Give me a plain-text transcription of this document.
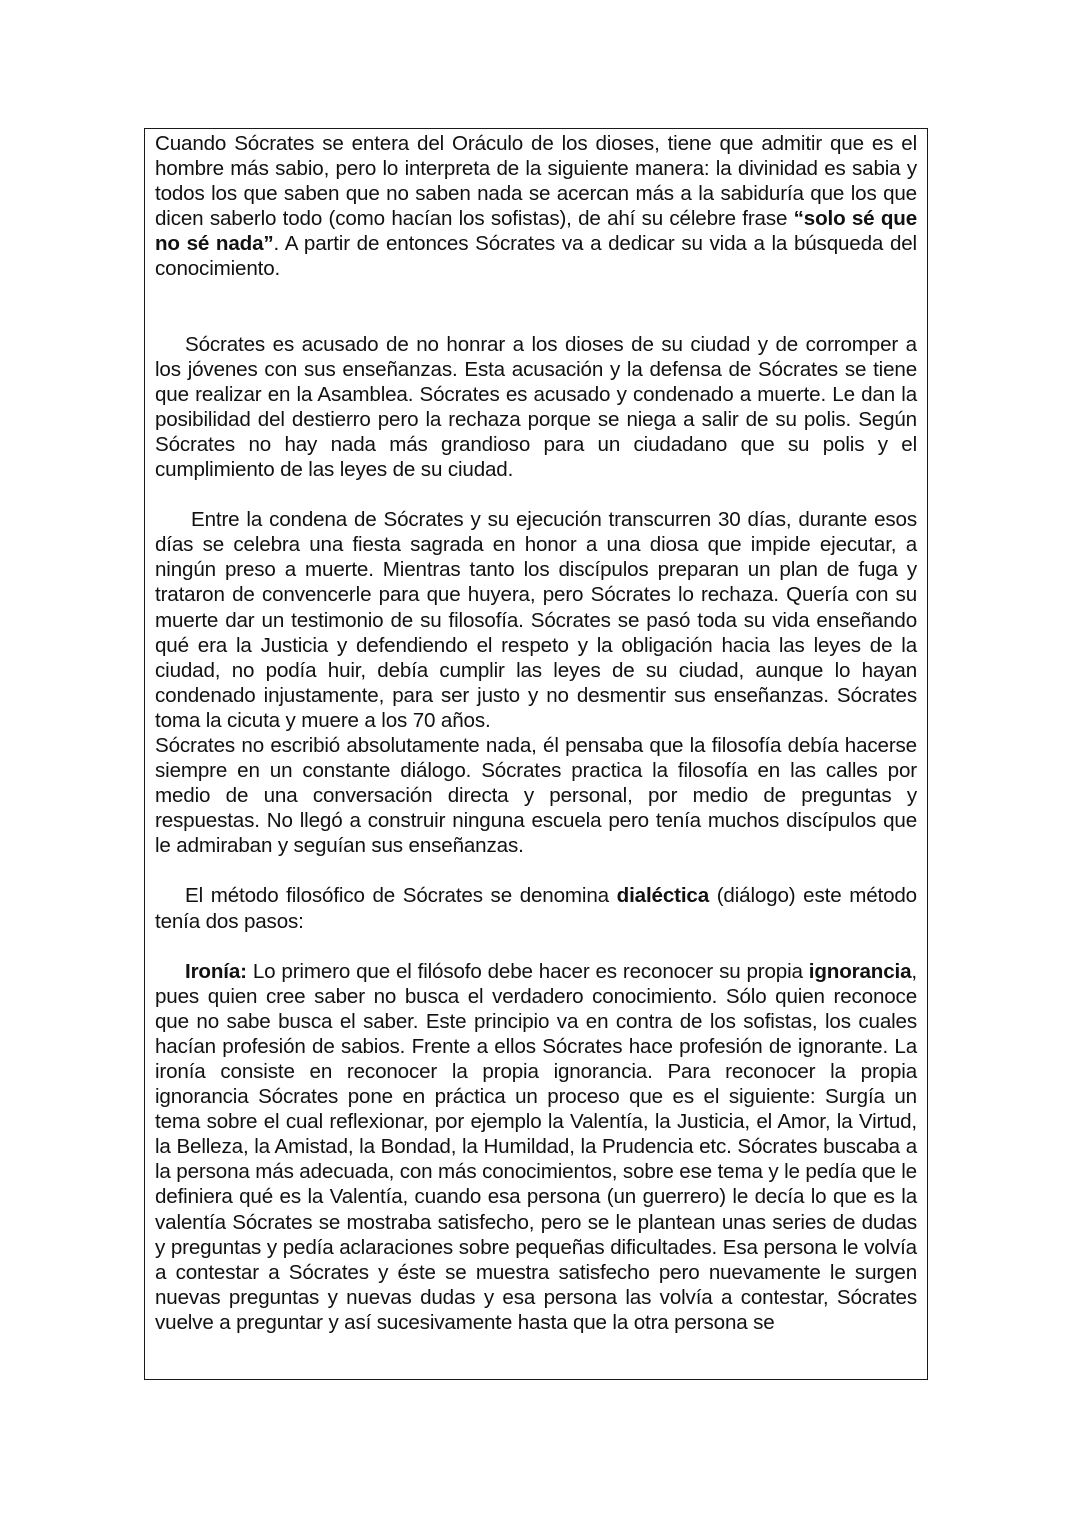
Cuando Sócrates se entera del Oráculo de los dioses, tiene que admitir que es el hombre más sabio, pero lo interpreta de la siguiente manera: la divinidad es sabia y todos los que saben que no saben nada se acercan más a la sabiduría que los que dicen saberlo todo (como hacían los sofistas), de ahí su célebre frase “solo sé que no sé nada”. A partir de entonces Sócrates va a dedicar su vida a la búsqueda del conocimiento.

Sócrates es acusado de no honrar a los dioses de su ciudad y de corromper a los jóvenes con sus enseñanzas. Esta acusación y la defensa de Sócrates se tiene que realizar en la Asamblea. Sócrates es acusado y condenado a muerte. Le dan la posibilidad del destierro pero la rechaza porque se niega a salir de su polis. Según Sócrates no hay nada más grandioso para un ciudadano que su polis y el cumplimiento de las leyes de su ciudad.

Entre la condena de Sócrates y su ejecución transcurren 30 días, durante esos días se celebra una fiesta sagrada en honor a una diosa que impide ejecutar, a ningún preso a muerte. Mientras tanto los discípulos preparan un plan de fuga y trataron de convencerle para que huyera, pero Sócrates lo rechaza. Quería con su muerte dar un testimonio de su filosofía. Sócrates se pasó toda su vida enseñando qué era la Justicia y defendiendo el respeto y la obligación hacia las leyes de la ciudad, no podía huir, debía cumplir las leyes de su ciudad, aunque lo hayan condenado injustamente, para ser justo y no desmentir sus enseñanzas. Sócrates toma la cicuta y muere a los 70 años.

Sócrates no escribió absolutamente nada, él pensaba que la filosofía debía hacerse siempre en un constante diálogo. Sócrates practica la filosofía en las calles por medio de una conversación directa y personal, por medio de preguntas y respuestas. No llegó a construir ninguna escuela pero tenía muchos discípulos que le admiraban y seguían sus enseñanzas.

El método filosófico de Sócrates se denomina dialéctica (diálogo) este método tenía dos pasos:

Ironía: Lo primero que el filósofo debe hacer es reconocer su propia ignorancia, pues quien cree saber no busca el verdadero conocimiento. Sólo quien reconoce que no sabe busca el saber. Este principio va en contra de los sofistas, los cuales hacían profesión de sabios. Frente a ellos Sócrates hace profesión de ignorante. La ironía consiste en reconocer la propia ignorancia. Para reconocer la propia ignorancia Sócrates pone en práctica un proceso que es el siguiente: Surgía un tema sobre el cual reflexionar, por ejemplo la Valentía, la Justicia, el Amor, la Virtud, la Belleza, la Amistad, la Bondad, la Humildad, la Prudencia etc. Sócrates buscaba a la persona más adecuada, con más conocimientos, sobre ese tema y le pedía que le definiera qué es la Valentía, cuando esa persona (un guerrero) le decía lo que es la valentía Sócrates se mostraba satisfecho, pero se le plantean unas series de dudas y preguntas y pedía aclaraciones sobre pequeñas dificultades. Esa persona le volvía a contestar a Sócrates y éste se muestra satisfecho pero nuevamente le surgen nuevas preguntas y nuevas dudas y esa persona las volvía a contestar, Sócrates vuelve a preguntar y así sucesivamente hasta que la otra persona se
